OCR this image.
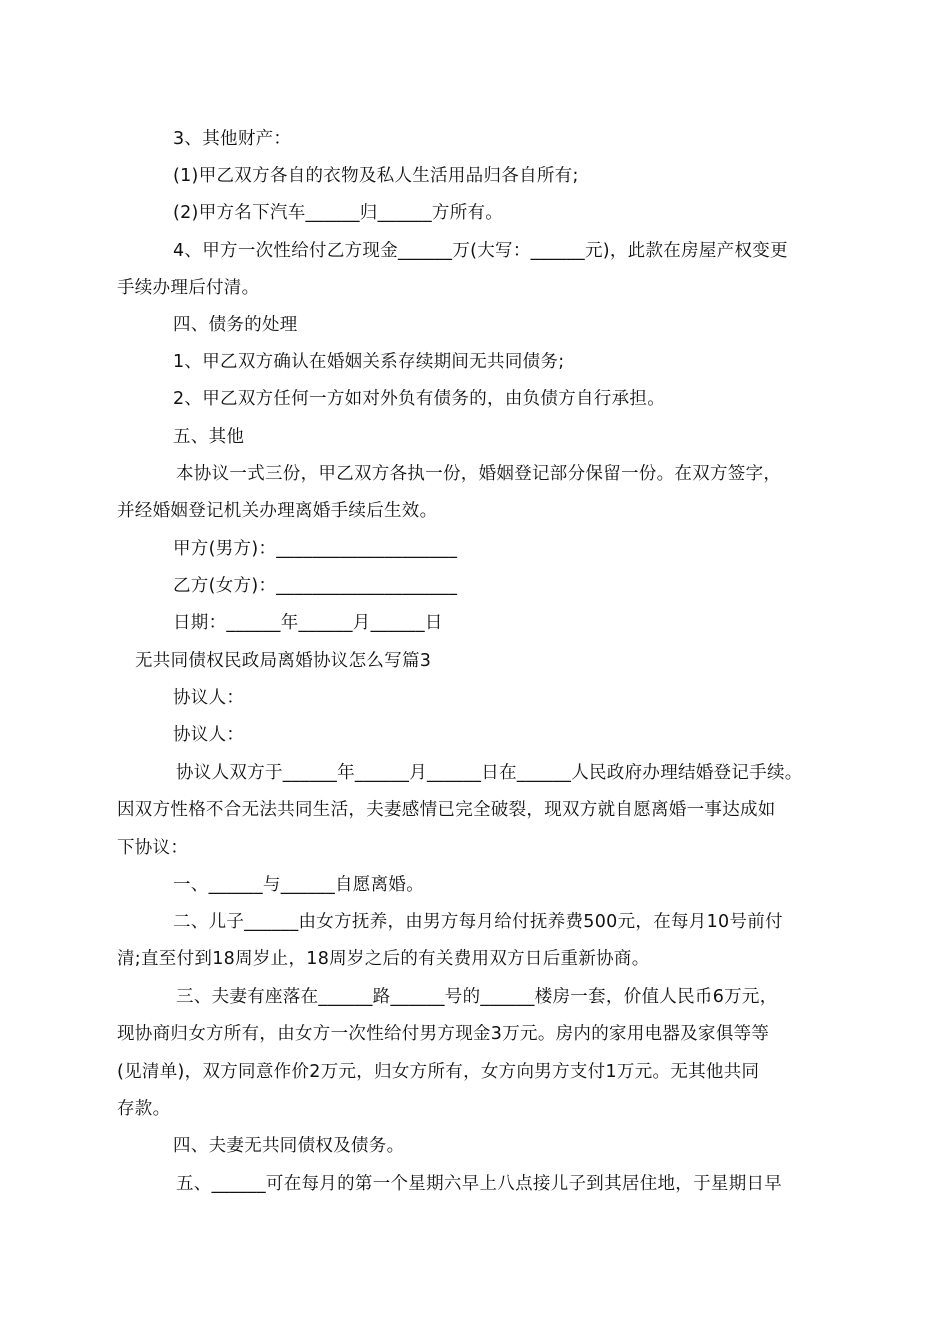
3、其他财产：
(1)甲乙双方各自的衣物及私人生活用品归各自所有;
(2)甲方名下汽车______归______方所有。
4、甲方一次性给付乙方现金______万(大写：______元)，此款在房屋产权变更
手续办理后付清。
四、债务的处理
1、甲乙双方确认在婚姻关系存续期间无共同债务;
2、甲乙双方任何一方如对外负有债务的，由负债方自行承担。
五、其他
本协议一式三份，甲乙双方各执一份，婚姻登记部分保留一份。在双方签字，
并经婚姻登记机关办理离婚手续后生效。
甲方(男方)：____________________
乙方(女方)：____________________
日期：______年______月______日
无共同债权民政局离婚协议怎么写篇3
协议人：
协议人：
协议人双方于______年______月______日在______人民政府办理结婚登记手续。
因双方性格不合无法共同生活，夫妻感情已完全破裂，现双方就自愿离婚一事达成如
下协议：
一、______与______自愿离婚。
二、儿子______由女方抚养，由男方每月给付抚养费500元，在每月10号前付
清;直至付到18周岁止，18周岁之后的有关费用双方日后重新协商。
三、夫妻有座落在______路______号的______楼房一套，价值人民币6万元，
现协商归女方所有，由女方一次性给付男方现金3万元。房内的家用电器及家俱等等
(见清单)，双方同意作价2万元，归女方所有，女方向男方支付1万元。无其他共同
存款。
四、夫妻无共同债权及债务。
五、______可在每月的第一个星期六早上八点接儿子到其居住地，于星期日早
